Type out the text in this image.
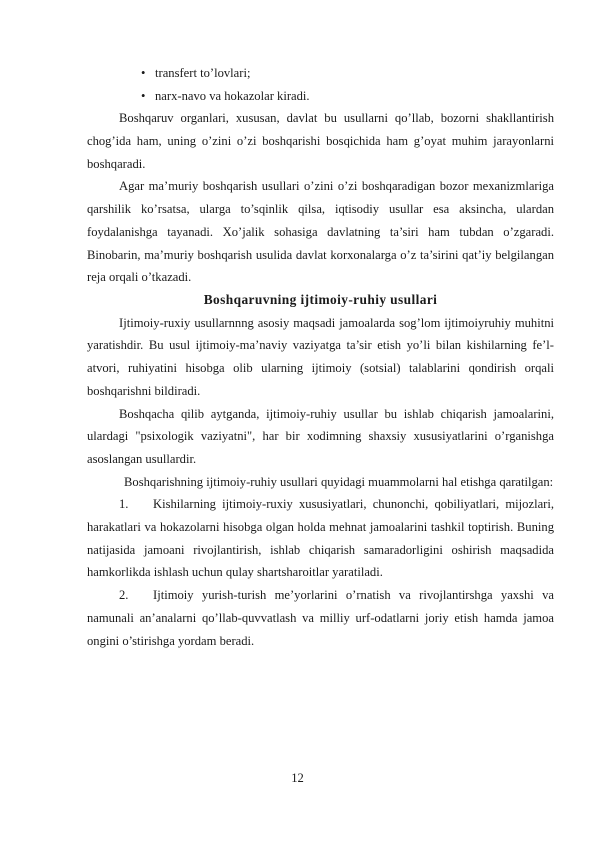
• transfert to’lovlari;
• narx-navo va hokazolar kiradi.

Boshqaruv organlari, xususan, davlat bu usullarni qo’llab, bozorni shakllantirish chog’ida ham, uning o’zini o’zi boshqarishi bosqichida ham g’oyat muhim jarayonlarni boshqaradi.

Agar ma’muriy boshqarish usullari o’zini o’zi boshqaradigan bozor mexanizmlariga qarshilik ko’rsatsa, ularga to’sqinlik qilsa, iqtisodiy usullar esa aksincha, ulardan foydalanishga tayanadi. Xo’jalik sohasiga davlatning ta’siri ham tubdan o’zgaradi. Binobarin, ma’muriy boshqarish usulida davlat korxonalarga o’z ta’sirini qat’iy belgilangan reja orqali o’tkazadi.

Boshqaruvning ijtimoiy-ruhiy usullari

Ijtimoiy-ruxiy usullarnnng asosiy maqsadi jamoalarda sog’lom ijtimoiyruhiy muhitni yaratishdir. Bu usul ijtimoiy-ma’naviy vaziyatga ta’sir etish yo’li bilan kishilarning fe’l-atvori, ruhiyatini hisobga olib ularning ijtimoiy (sotsial) talablarini qondirish orqali boshqarishni bildiradi.

Boshqacha qilib aytganda, ijtimoiy-ruhiy usullar bu ishlab chiqarish jamoalarini, ulardagi "psixologik vaziyatni", har bir xodimning shaxsiy xususiyatlarini o’rganishga asoslangan usullardir.

Boshqarishning ijtimoiy-ruhiy usullari quyidagi muammolarni hal etishga qaratilgan:

1. Kishilarning ijtimoiy-ruxiy xususiyatlari, chunonchi, qobiliyatlari, mijozlari, harakatlari va hokazolarni hisobga olgan holda mehnat jamoalarini tashkil toptirish. Buning natijasida jamoani rivojlantirish, ishlab chiqarish samaradorligini oshirish maqsadida hamkorlikda ishlash uchun qulay shartsharoitlar yaratiladi.

2. Ijtimoiy yurish-turish me’yorlarini o’rnatish va rivojlantirshga yaxshi va namunali an’analarni qo’llab-quvvatlash va milliy urf-odatlarni joriy etish hamda jamoa ongini o’stirishga yordam beradi.

12
